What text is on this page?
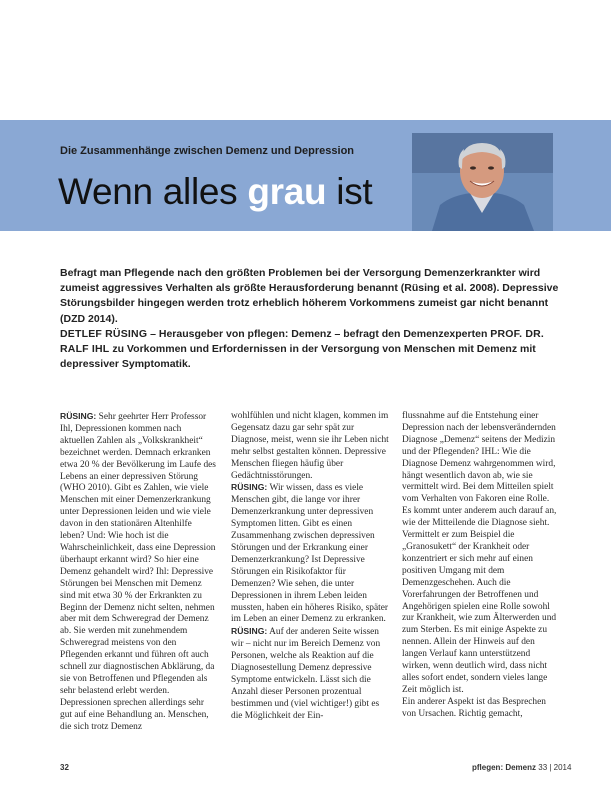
Die Zusammenhänge zwischen Demenz und Depression
Wenn alles grau ist

Befragt man Pflegende nach den größten Problemen bei der Versorgung Demenzerkrankter wird zumeist aggressives Verhalten als größte Herausforderung benannt (Rüsing et al. 2008). Depressive Störungsbilder hingegen werden trotz erheblich höherem Vorkommens zumeist gar nicht benannt (DZD 2014).

DETLEF RÜSING – Herausgeber von pflegen: Demenz – befragt den Demenzexperten PROF. DR. RALF IHL zu Vorkommen und Erfordernissen in der Versorgung von Menschen mit Demenz mit depressiver Symptomatik.

RÜSING: Sehr geehrter Herr Professor Ihl, Depressionen kommen nach aktuellen Zahlen als „Volkskrankheit“ bezeichnet werden. Demnach erkranken etwa 20 % der Bevölkerung im Laufe des Lebens an einer depressiven Störung (WHO 2010). Gibt es Zahlen, wie viele Menschen mit einer Demenzerkrankung unter Depressionen leiden und wie viele davon in den stationären Altenhilfe leben? Und: Wie hoch ist die Wahrscheinlichkeit, dass eine Depression überhaupt erkannt wird? So hier eine Demenz gehandelt wird? Ihl: Depressive Störungen bei Menschen mit Demenz sind mit etwa 30 % der Erkrankten zu Beginn der Demenz nicht selten, nehmen aber mit dem Schweregrad der Demenz ab. Sie werden mit zunehmendem Schweregrad meistens von den Pflegenden erkannt und führen oft auch schnell zur diagnostischen Abklärung, da sie von Betroffenen und Pflegenden als sehr belastend erlebt werden. Depressionen sprechen allerdings sehr gut auf eine Behandlung an. Menschen, die sich trotz Demenz

wohlfühlen und nicht klagen, kommen im Gegensatz dazu gar sehr spät zur Diagnose, meist, wenn sie ihr Leben nicht mehr selbst gestalten können. Depressive Menschen fliegen häufig über Gedächtnisstörungen.

RÜSING: Wir wissen, dass es viele Menschen gibt, die lange vor ihrer Demenzerkrankung unter depressiven Symptomen litten. Gibt es einen Zusammenhang zwischen depressiven Störungen und der Erkrankung einer Demenzerkrankung? Ist Depressive Störungen ein Risikofaktor für Demenzen? Wie sehen, die unter Depressionen in ihrem Leben leiden mussten, haben ein höheres Risiko, später im Leben an einer Demenz zu erkranken.

RÜSING: Auf der anderen Seite wissen wir – nicht nur im Bereich Demenz von Personen, welche als Reaktion auf die Diagnosestellung Demenz depressive Symptome entwickeln. Lässt sich die Anzahl dieser Personen prozentual bestimmen und (viel wichtiger!) gibt es die Möglichkeit der Ein-

flussnahme auf die Entstehung einer Depression nach der lebensverändernden Diagnose „Demenz“ seitens der Medizin und der Pflegenden? IHL: Wie die Diagnose Demenz wahrgenommen wird, hängt wesentlich davon ab, wie sie vermittelt wird. Bei dem Mitteilen spielt vom Verhalten von Fakoren eine Rolle. Es kommt unter anderem auch darauf an, wie der Mitteilende die Diagnose sieht. Vermittelt er zum Beispiel die „Granosukett“ der Krankheit oder konzentriert er sich mehr auf einen positiven Umgang mit dem Demenzgeschehen. Auch die Vorerfahrungen der Betroffenen und Angehörigen spielen eine Rolle sowohl zur Krankheit, wie zum Älterwerden und zum Sterben. Es mit einige Aspekte zu nennen. Allein der Hinweis auf den langen Verlauf kann unterstützend wirken, wenn deutlich wird, dass nicht alles sofort endet, sondern vieles lange Zeit möglich ist.

Ein anderer Aspekt ist das Besprechen von Ursachen. Richtig gemacht,

32	pflegen: Demenz 33 | 2014
